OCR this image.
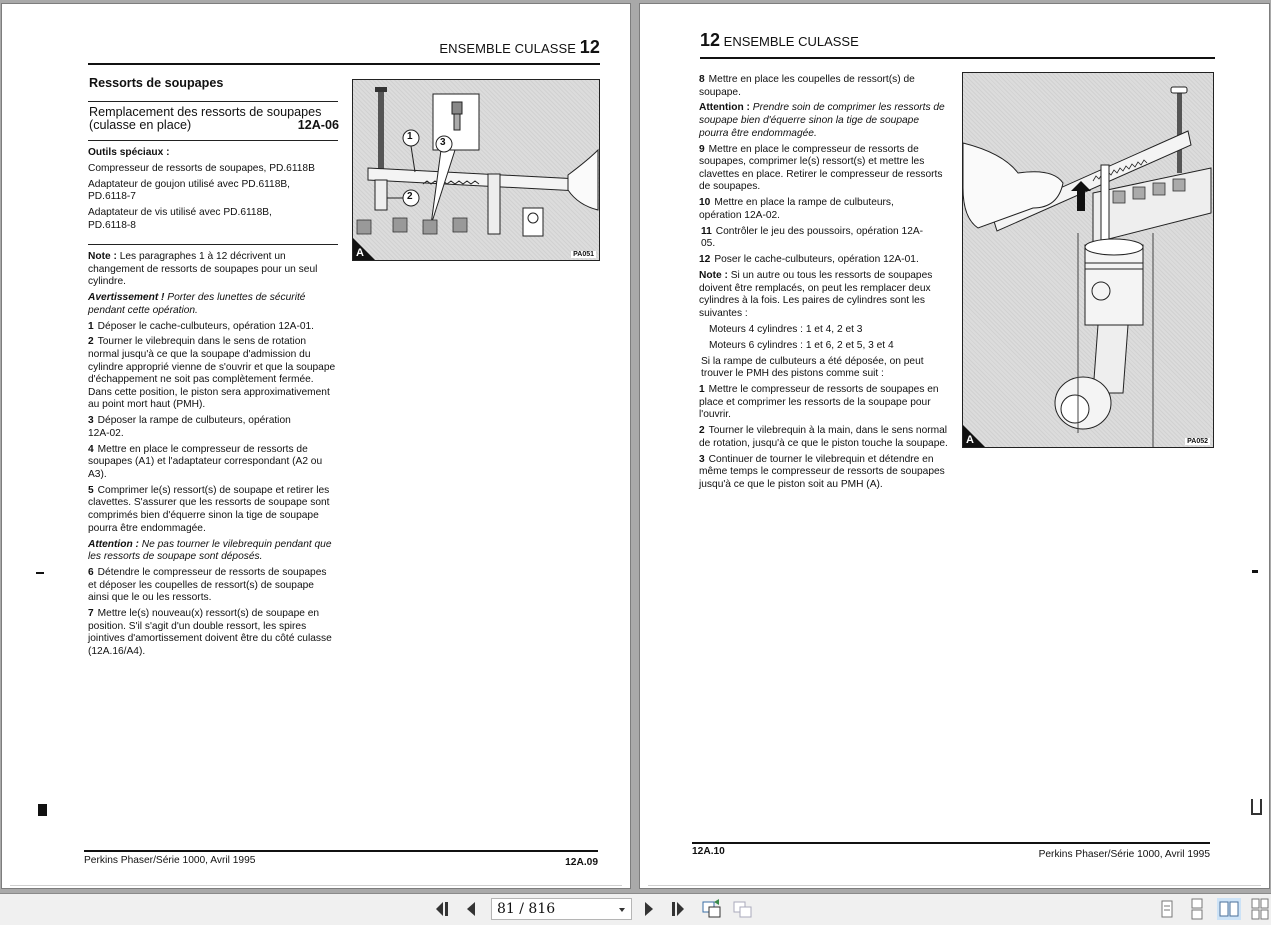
ENSEMBLE CULASSE 12
Ressorts de soupapes
Remplacement des ressorts de soupapes
(culasse en place)	12A-06

Outils spéciaux :

Compresseur de ressorts de soupapes, PD.6118B

Adaptateur de goujon utilisé avec PD.6118B, PD.6118-7

Adaptateur de vis utilisé avec PD.6118B, PD.6118-8

Note : Les paragraphes 1 à 12 décrivent un changement de ressorts de soupapes pour un seul cylindre.

Avertissement ! Porter des lunettes de sécurité pendant cette opération.

1 Déposer le cache-culbuteurs, opération 12A-01.

2 Tourner le vilebrequin dans le sens de rotation normal jusqu'à ce que la soupape d'admission du cylindre approprié vienne de s'ouvrir et que la soupape d'échappement ne soit pas complètement fermée. Dans cette position, le piston sera approximativement au point mort haut (PMH).

3 Déposer la rampe de culbuteurs, opération 12A-02.

4 Mettre en place le compresseur de ressorts de soupapes (A1) et l'adaptateur correspondant (A2 ou A3).

5 Comprimer le(s) ressort(s) de soupape et retirer les clavettes. S'assurer que les ressorts de soupape sont comprimés bien d'équerre sinon la tige de soupape pourra être endommagée.

Attention : Ne pas tourner le vilebrequin pendant que les ressorts de soupape sont déposés.

6 Détendre le compresseur de ressorts de soupapes et déposer les coupelles de ressort(s) de soupape ainsi que le ou les ressorts.

7 Mettre le(s) nouveau(x) ressort(s) de soupape en position. S'il s'agit d'un double ressort, les spires jointives d'amortissement doivent être du côté culasse (12A.16/A4).

1
2
3
A	PA051
Perkins Phaser/Série 1000, Avril 1995	12A.09
12 ENSEMBLE CULASSE

8 Mettre en place les coupelles de ressort(s) de soupape.

Attention : Prendre soin de comprimer les ressorts de soupape bien d'équerre sinon la tige de soupape pourra être endommagée.

9 Mettre en place le compresseur de ressorts de soupapes, comprimer le(s) ressort(s) et mettre les clavettes en place. Retirer le compresseur de ressorts de soupapes.

10 Mettre en place la rampe de culbuteurs, opération 12A-02.

11 Contrôler le jeu des poussoirs, opération 12A-05.

12 Poser le cache-culbuteurs, opération 12A-01.

Note : Si un autre ou tous les ressorts de soupapes doivent être remplacés, on peut les remplacer deux cylindres à la fois. Les paires de cylindres sont les suivantes :

Moteurs 4 cylindres : 1 et 4, 2 et 3

Moteurs 6 cylindres : 1 et 6, 2 et 5, 3 et 4

Si la rampe de culbuteurs a été déposée, on peut trouver le PMH des pistons comme suit :

1 Mettre le compresseur de ressorts de soupapes en place et comprimer les ressorts de la soupape pour l'ouvrir.

2 Tourner le vilebrequin à la main, dans le sens normal de rotation, jusqu'à ce que le piston touche la soupape.

3 Continuer de tourner le vilebrequin et détendre en même temps le compresseur de ressorts de soupapes jusqu'à ce que le piston soit au PMH (A).

A	PA052
12A.10	Perkins Phaser/Série 1000, Avril 1995
81 / 816
